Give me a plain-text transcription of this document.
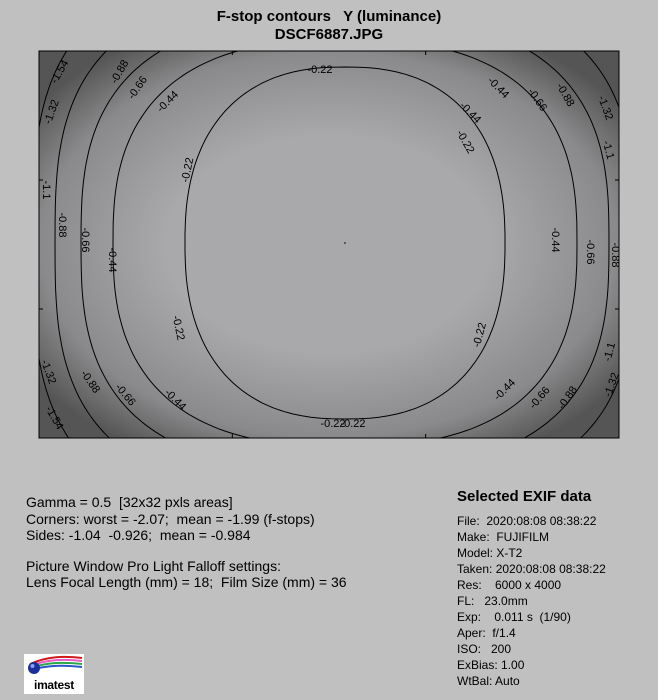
F-stop contours   Y (luminance)
DSCF6887.JPG
-0.22
-0.22
-0.22
-0.22	-0.22
-0.22
-0.22
-0.44
-0.44
-0.44
-0.44
-0.44	-0.44
-0.44
-0.66	-0.66
-0.66	-0.66
-0.66	-0.66
-0.88
-0.88
-0.88
-0.88
-0.88
-0.88
-1.1
-1.1
-1.1
-1.32	-1.32
-1.32	-1.32
-1.54
-1.54
Gamma = 0.5  [32x32 pxls areas]
Corners: worst = -2.07;  mean = -1.99 (f-stops)
Sides: -1.04  -0.926;  mean = -0.984
Picture Window Pro Light Falloff settings:
Lens Focal Length (mm) = 18;  Film Size (mm) = 36
Selected EXIF data
File:  2020:08:08 08:38:22
Make:  FUJIFILM
Model: X-T2
Taken: 2020:08:08 08:38:22
Res:    6000 x 4000
FL:   23.0mm
Exp:    0.011 s  (1/90)
Aper:  f/1.4
ISO:   200
ExBias: 1.00
WtBal: Auto
imatest
